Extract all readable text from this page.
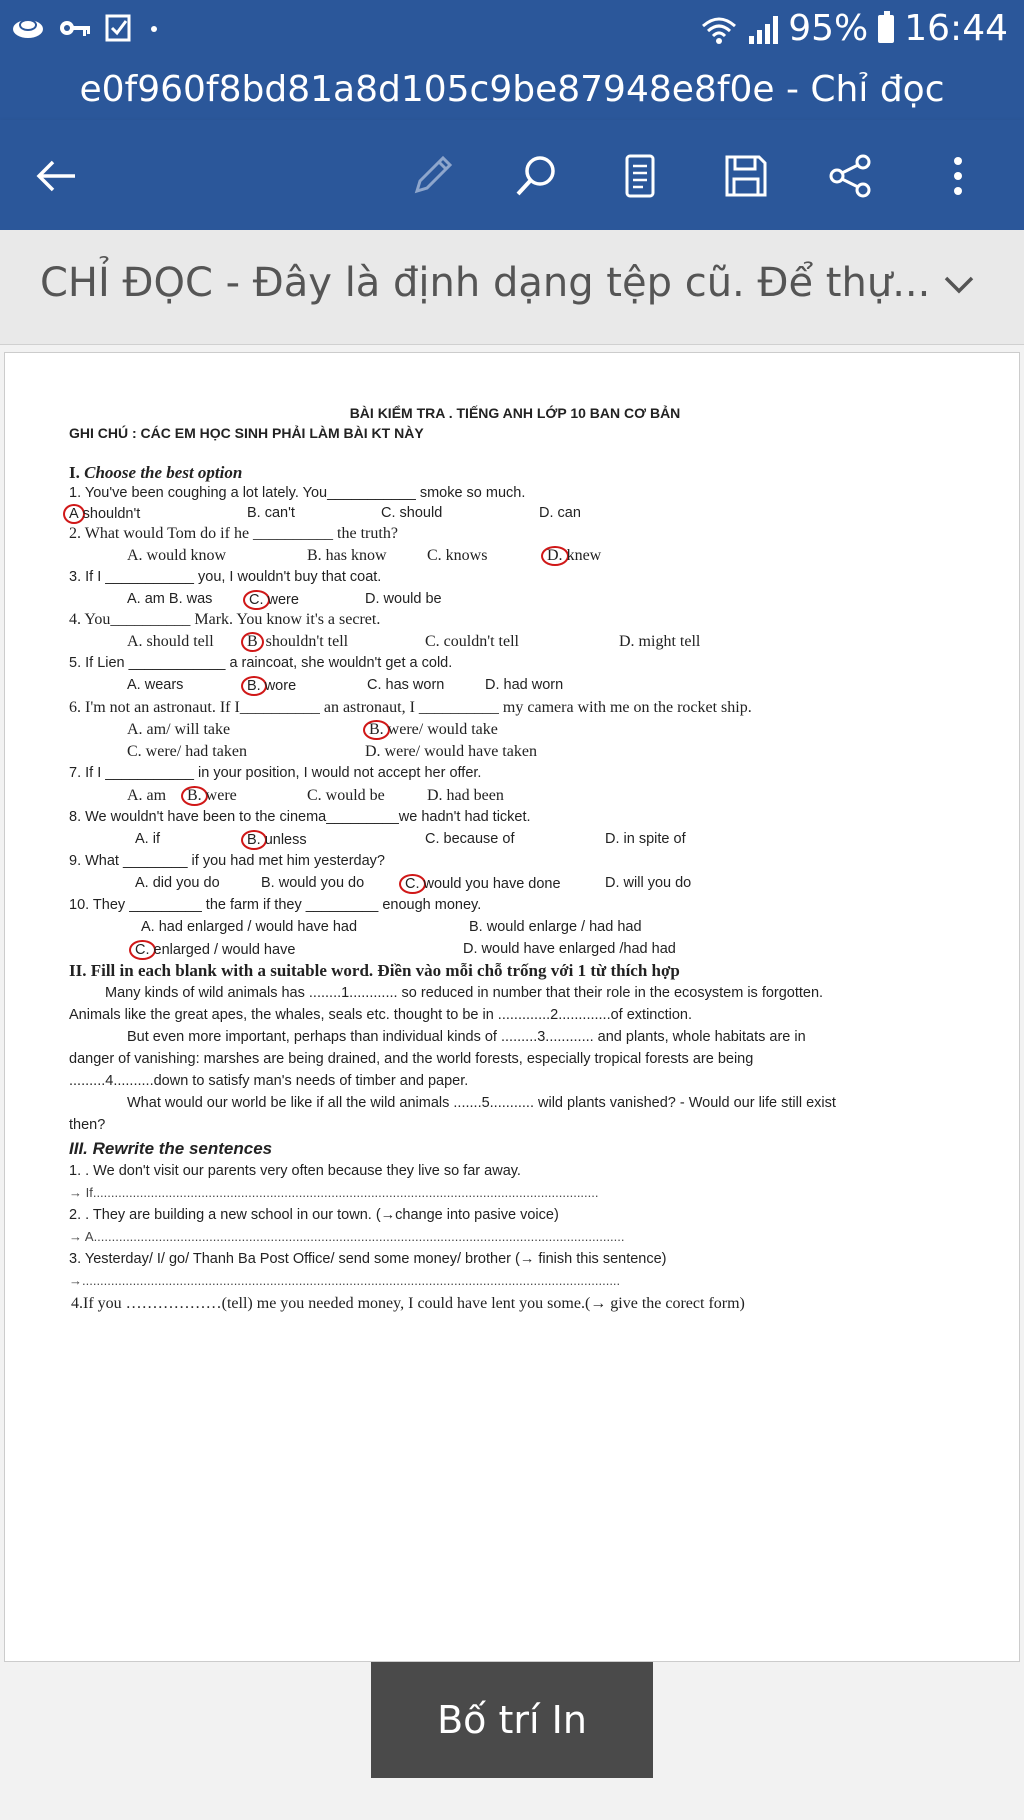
95% 16:44
e0f960f8bd81a8d105c9be87948e8f0e - Chỉ đọc
CHỈ ĐỌC - Đây là định dạng tệp cũ. Để thự...
BÀI KIỂM TRA . TIẾNG ANH LỚP 10 BAN CƠ BẢN
GHI CHÚ : CÁC EM HỌC SINH PHẢI LÀM BÀI KT NÀY
I. Choose the best option
1. You've been coughing a lot lately. You___________ smoke so much.
A shouldn't	B. can't	C. should	D. can
2. What would Tom do if he __________ the truth?
A. would know	B. has know	C. knows	D. knew
3. If I ___________ you, I wouldn't buy that coat.
A. am B. was	C. were	D. would be
4. You__________ Mark. You know it's a secret.
A. should tell B shouldn't tell	C. couldn't tell	D. might tell
5. If Lien ____________ a raincoat, she wouldn't get a cold.
A. wears	B. wore	C. has worn	D. had worn
6. I'm not an astronaut. If I__________ an astronaut, I __________ my camera with me on the rocket ship.
A. am/ will take	B. were/ would take
C. were/ had taken	D. were/ would have taken
7. If I ___________ in your position, I would not accept her offer.
A. am B. were	C. would be	D. had been
8. We wouldn't have been to the cinema_________we hadn't had ticket.
A. if	B. unless	C. because of	D. in spite of
9. What ________ if you had met him yesterday?
A. did you do	B. would you do	C. would you have done	D. will you do
10. They _________ the farm if they _________ enough money.
A. had enlarged / would have had	B. would enlarge / had had
C. enlarged / would have	D. would have enlarged /had had
II. Fill in each blank with a suitable word. Điền vào mỗi chỗ trống với 1 từ thích hợp
Many kinds of wild animals has ........1............ so reduced in number that their role in the ecosystem is forgotten.
Animals like the great apes, the whales, seals etc. thought to be in .............2.............of extinction.
But even more important, perhaps than individual kinds of .........3............ and plants, whole habitats are in
danger of vanishing: marshes are being drained, and the world forests, especially tropical forests are being
.........4..........down to satisfy man's needs of timber and paper.
What would our world be like if all the wild animals .......5........... wild plants vanished? - Would our life still exist
then?
III. Rewrite the sentences
1. . We don't visit our parents very often because they live so far away.
→ If............................................................................................................................................
2. . They are building a new school in our town. (→change into pasive voice)
→ A...................................................................................................................................................
3. Yesterday/ I/ go/ Thanh Ba Post Office/ send some money/ brother (→ finish this sentence)
→.....................................................................................................................................................
4.If you ………………(tell) me you needed money, I could have lent you some.(→ give the corect form)
Bố trí In
